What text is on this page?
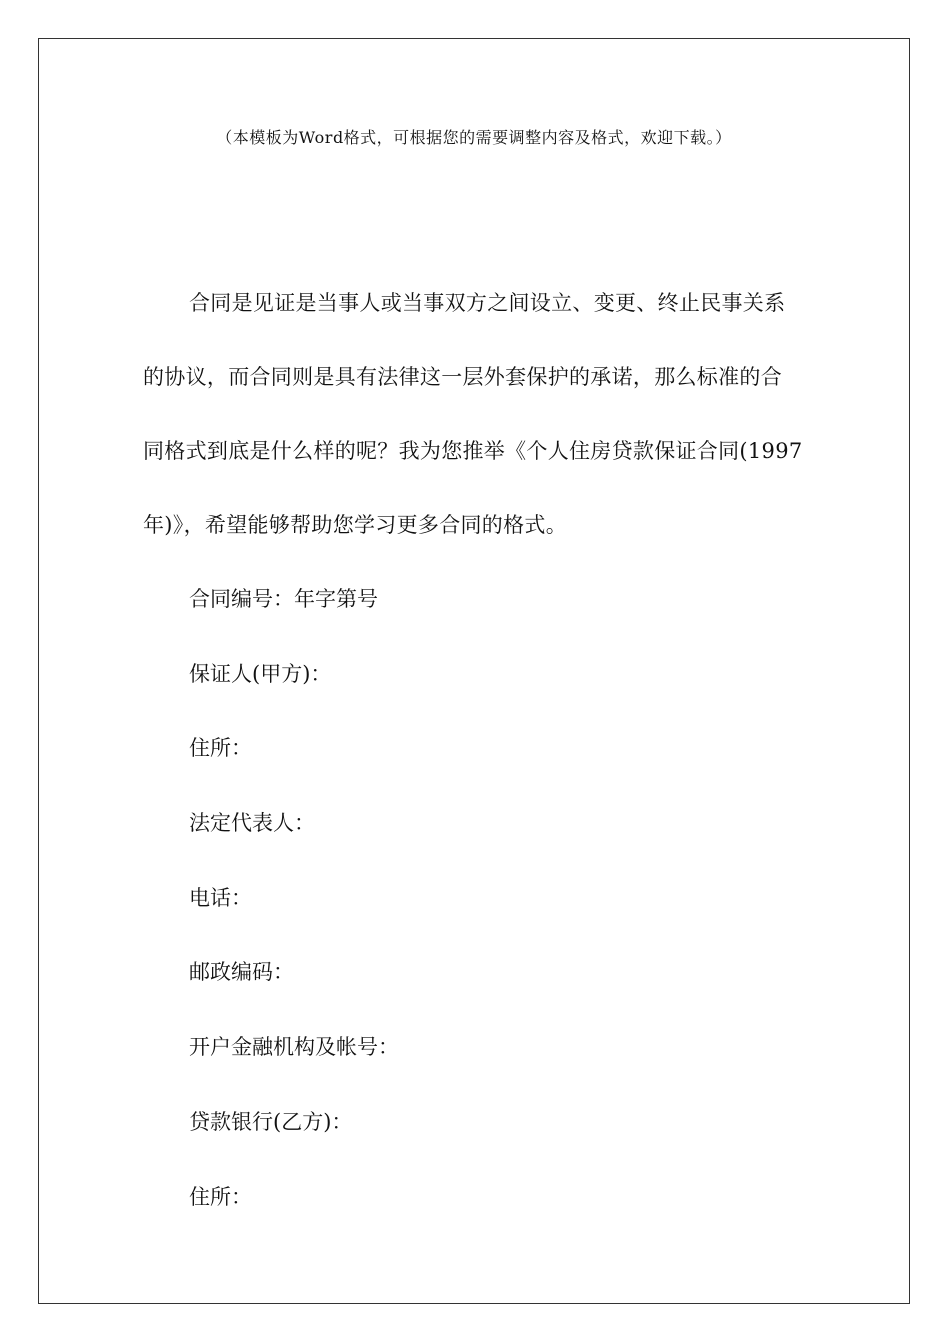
（本模板为Word格式，可根据您的需要调整内容及格式，欢迎下载。）

合同是见证是当事人或当事双方之间设立、变更、终止民事关系的协议，而合同则是具有法律这一层外套保护的承诺，那么标准的合同格式到底是什么样的呢？我为您推举《个人住房贷款保证合同(1997年)》，希望能够帮助您学习更多合同的格式。

合同编号：年字第号
保证人(甲方)：
住所：
法定代表人：
电话：
邮政编码：
开户金融机构及帐号：
贷款银行(乙方)：
住所：
